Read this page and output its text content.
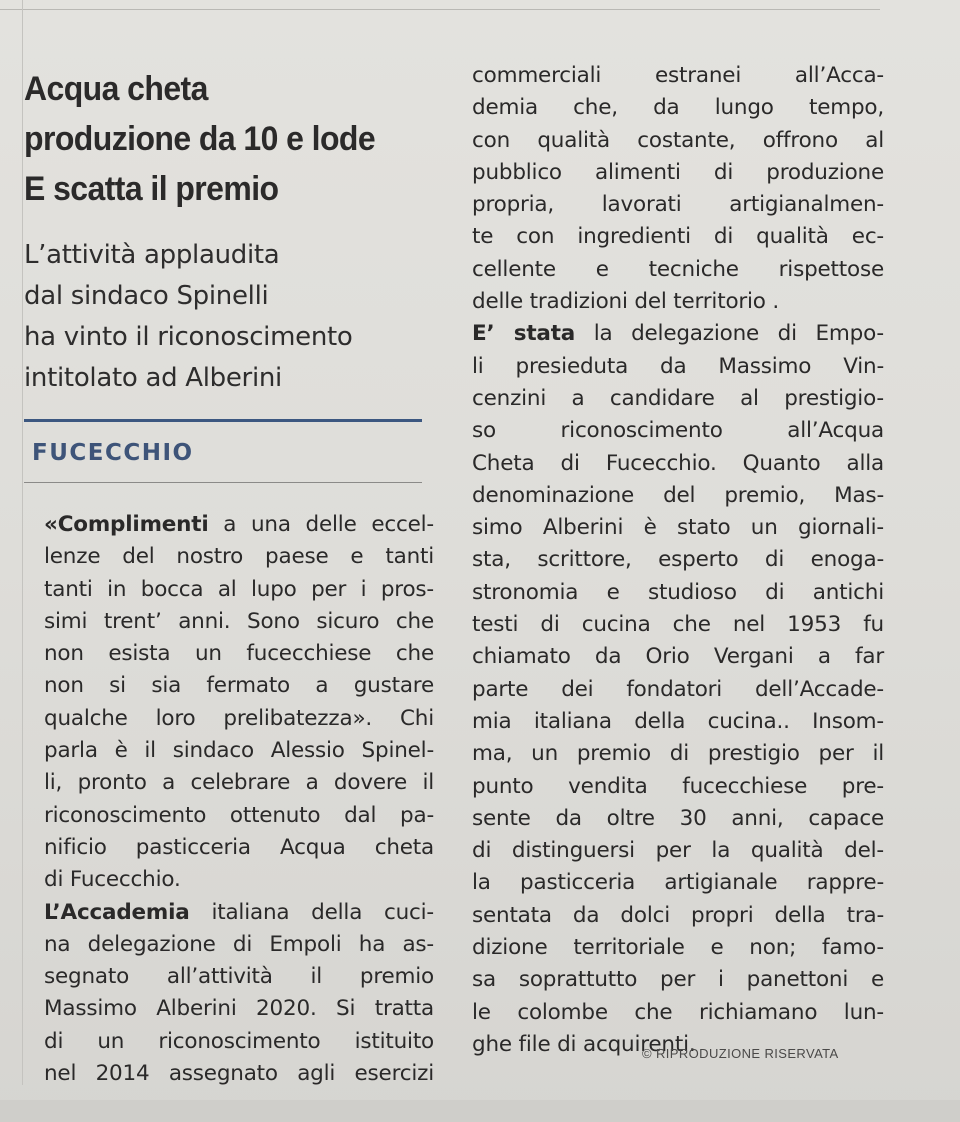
Acqua cheta
produzione da 10 e lode
E scatta il premio
L’attività applaudita
dal sindaco Spinelli
ha vinto il riconoscimento
intitolato ad Alberini
FUCECCHIO
«Complimenti a una delle eccel-
lenze del nostro paese e tanti
tanti in bocca al lupo per i pros-
simi trent’ anni. Sono sicuro che
non esista un fucecchiese che
non si sia fermato a gustare
qualche loro prelibatezza». Chi
parla è il sindaco Alessio Spinel-
li, pronto a celebrare a dovere il
riconoscimento ottenuto dal pa-
nificio pasticceria Acqua cheta
di Fucecchio.
L’Accademia italiana della cuci-
na delegazione di Empoli ha as-
segnato all’attività il premio
Massimo Alberini 2020. Si tratta
di un riconoscimento istituito
nel 2014 assegnato agli esercizi
commerciali estranei all’Acca-
demia che, da lungo tempo,
con qualità costante, offrono al
pubblico alimenti di produzione
propria, lavorati artigianalmen-
te con ingredienti di qualità ec-
cellente e tecniche rispettose
delle tradizioni del territorio .
E’ stata la delegazione di Empo-
li presieduta da Massimo Vin-
cenzini a candidare al prestigio-
so riconoscimento all’Acqua
Cheta di Fucecchio. Quanto alla
denominazione del premio, Mas-
simo Alberini è stato un giornali-
sta, scrittore, esperto di enoga-
stronomia e studioso di antichi
testi di cucina che nel 1953 fu
chiamato da Orio Vergani a far
parte dei fondatori dell’Accade-
mia italiana della cucina.. Insom-
ma, un premio di prestigio per il
punto vendita fucecchiese pre-
sente da oltre 30 anni, capace
di distinguersi per la qualità del-
la pasticceria artigianale rappre-
sentata da dolci propri della tra-
dizione territoriale e non; famo-
sa soprattutto per i panettoni e
le colombe che richiamano lun-
ghe file di acquirenti.
© RIPRODUZIONE RISERVATA
